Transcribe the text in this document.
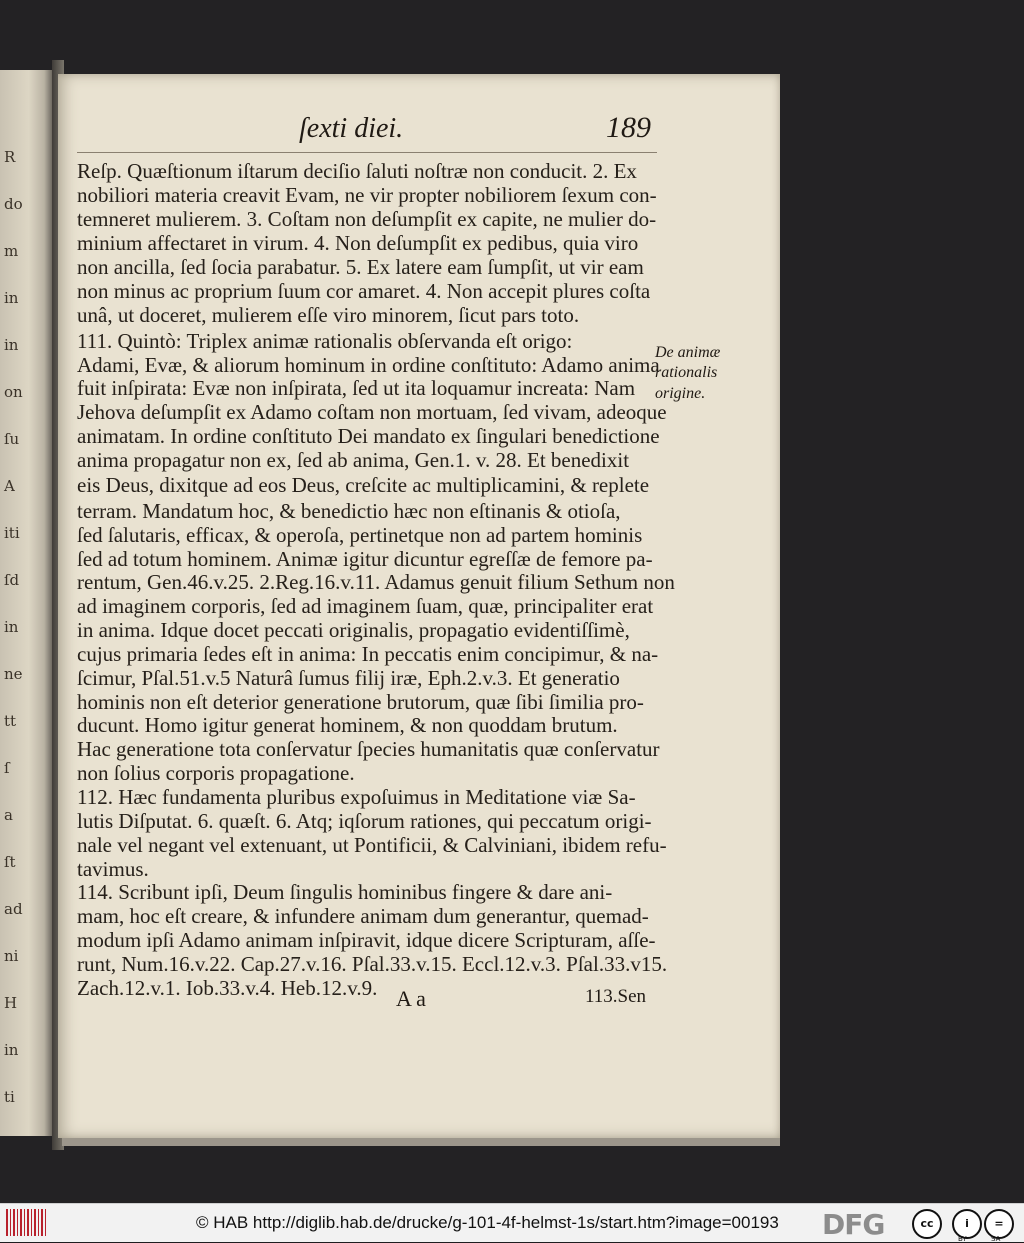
R
do
m
in
in
on
ſu
A
iti
ſd
in
ne
tt
ſ
a
ſt
ad
ni
H
in
ti
ſexti diei.	189
Reſp. Quæſtionum iſtarum deciſio ſaluti noſtræ non conducit. 2. Ex
nobiliori materia creavit Evam, ne vir propter nobiliorem ſexum con-
temneret mulierem. 3. Coſtam non deſumpſit ex capite, ne mulier do-
minium affectaret in virum. 4. Non deſumpſit ex pedibus, quia viro
non ancilla, ſed ſocia parabatur. 5. Ex latere eam ſumpſit, ut vir eam
non minus ac proprium ſuum cor amaret. 4. Non accepit plures coſta
unâ, ut doceret, mulierem eſſe viro minorem, ſicut pars toto.
111. Quintò: Triplex animæ rationalis obſervanda eſt origo:
Adami, Evæ, & aliorum hominum in ordine conſtituto: Adamo anima
fuit inſpirata: Evæ non inſpirata, ſed ut ita loquamur increata: Nam
Jehova deſumpſit ex Adamo coſtam non mortuam, ſed vivam, adeoque
animatam. In ordine conſtituto Dei mandato ex ſingulari benedictione
anima propagatur non ex, ſed ab anima, Gen.1. v. 28. Et benedixit
eis Deus, dixitque ad eos Deus, creſcite ac multiplicamini, & replete
terram. Mandatum hoc, & benedictio hæc non eſtinanis & otioſa,
ſed ſalutaris, efficax, & operoſa, pertinetque non ad partem hominis
ſed ad totum hominem. Animæ igitur dicuntur egreſſæ de femore pa-
rentum, Gen.46.v.25. 2.Reg.16.v.11. Adamus genuit filium Sethum non
ad imaginem corporis, ſed ad imaginem ſuam, quæ, principaliter erat
in anima. Idque docet peccati originalis, propagatio evidentiſſimè,
cujus primaria ſedes eſt in anima: In peccatis enim concipimur, & na-
ſcimur, Pſal.51.v.5 Naturâ ſumus filij iræ, Eph.2.v.3. Et generatio
hominis non eſt deterior generatione brutorum, quæ ſibi ſimilia pro-
ducunt. Homo igitur generat hominem, & non quoddam brutum.
Hac generatione tota conſervatur ſpecies humanitatis quæ conſervatur
non ſolius corporis propagatione.
112. Hæc fundamenta pluribus expoſuimus in Meditatione viæ Sa-
lutis Diſputat. 6. quæſt. 6. Atq; iqſorum rationes, qui peccatum origi-
nale vel negant vel extenuant, ut Pontificii, & Calviniani, ibidem refu-
tavimus.
114. Scribunt ipſi, Deum ſingulis hominibus fingere & dare ani-
mam, hoc eſt creare, & infundere animam dum generantur, quemad-
modum ipſi Adamo animam inſpiravit, idque dicere Scripturam, aſſe-
runt, Num.16.v.22. Cap.27.v.16. Pſal.33.v.15. Eccl.12.v.3. Pſal.33.v15.
Zach.12.v.1. Iob.33.v.4. Heb.12.v.9.
De animæ
rationalis
origine.
A a	113.Sen
© HAB http://diglib.hab.de/drucke/g-101-4f-helmst-1s/start.htm?image=00193 DFG	cc	i	=
BY	SA
